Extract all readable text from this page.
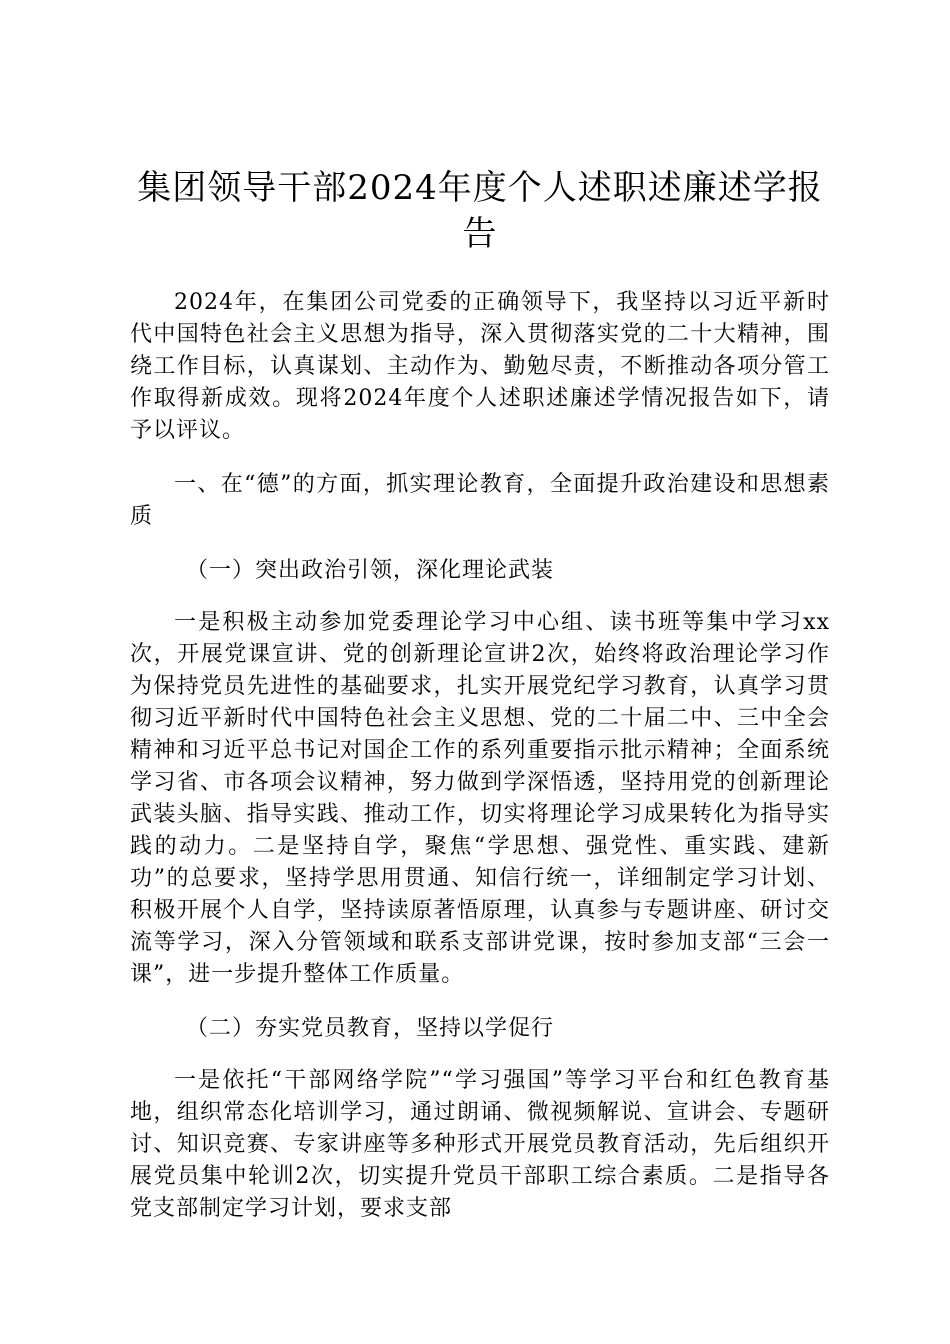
集团领导干部2024年度个人述职述廉述学报告

2024年，在集团公司党委的正确领导下，我坚持以习近平新时代中国特色社会主义思想为指导，深入贯彻落实党的二十大精神，围绕工作目标，认真谋划、主动作为、勤勉尽责，不断推动各项分管工作取得新成效。现将2024年度个人述职述廉述学情况报告如下，请予以评议。

一、在“德”的方面，抓实理论教育，全面提升政治建设和思想素质

（一）突出政治引领，深化理论武装

一是积极主动参加党委理论学习中心组、读书班等集中学习xx次，开展党课宣讲、党的创新理论宣讲2次，始终将政治理论学习作为保持党员先进性的基础要求，扎实开展党纪学习教育，认真学习贯彻习近平新时代中国特色社会主义思想、党的二十届二中、三中全会精神和习近平总书记对国企工作的系列重要指示批示精神；全面系统学习省、市各项会议精神，努力做到学深悟透，坚持用党的创新理论武装头脑、指导实践、推动工作，切实将理论学习成果转化为指导实践的动力。二是坚持自学，聚焦“学思想、强党性、重实践、建新功”的总要求，坚持学思用贯通、知信行统一，详细制定学习计划、积极开展个人自学，坚持读原著悟原理，认真参与专题讲座、研讨交流等学习，深入分管领域和联系支部讲党课，按时参加支部“三会一课”，进一步提升整体工作质量。

（二）夯实党员教育，坚持以学促行

一是依托“干部网络学院”“学习强国”等学习平台和红色教育基地，组织常态化培训学习，通过朗诵、微视频解说、宣讲会、专题研讨、知识竞赛、专家讲座等多种形式开展党员教育活动，先后组织开展党员集中轮训2次，切实提升党员干部职工综合素质。二是指导各党支部制定学习计划，要求支部
